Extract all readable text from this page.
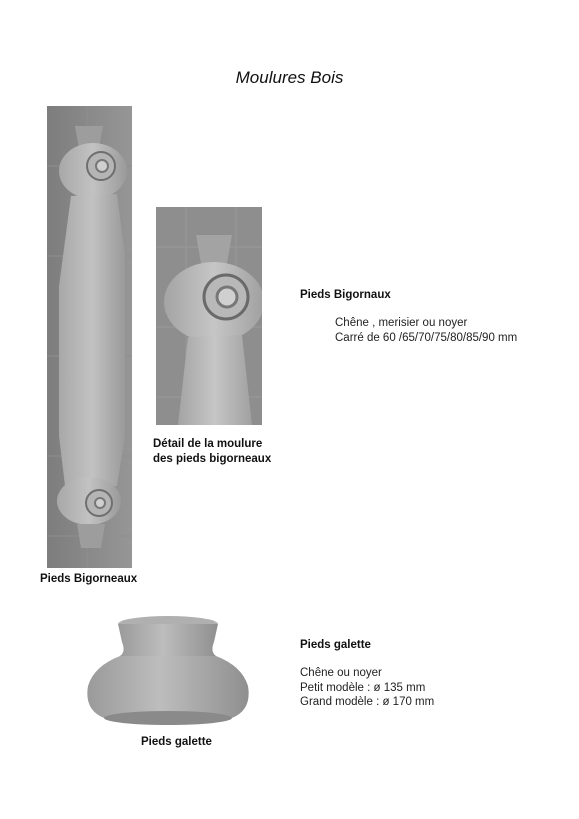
Moulures Bois
Pieds Bigorneaux
Détail de la moulure
des pieds bigorneaux
Pieds Bigornaux
Chêne , merisier ou noyer
Carré de 60 /65/70/75/80/85/90 mm
Pieds galette
Pieds galette
Chêne ou noyer
Petit modèle : ø 135 mm
Grand modèle : ø 170 mm
